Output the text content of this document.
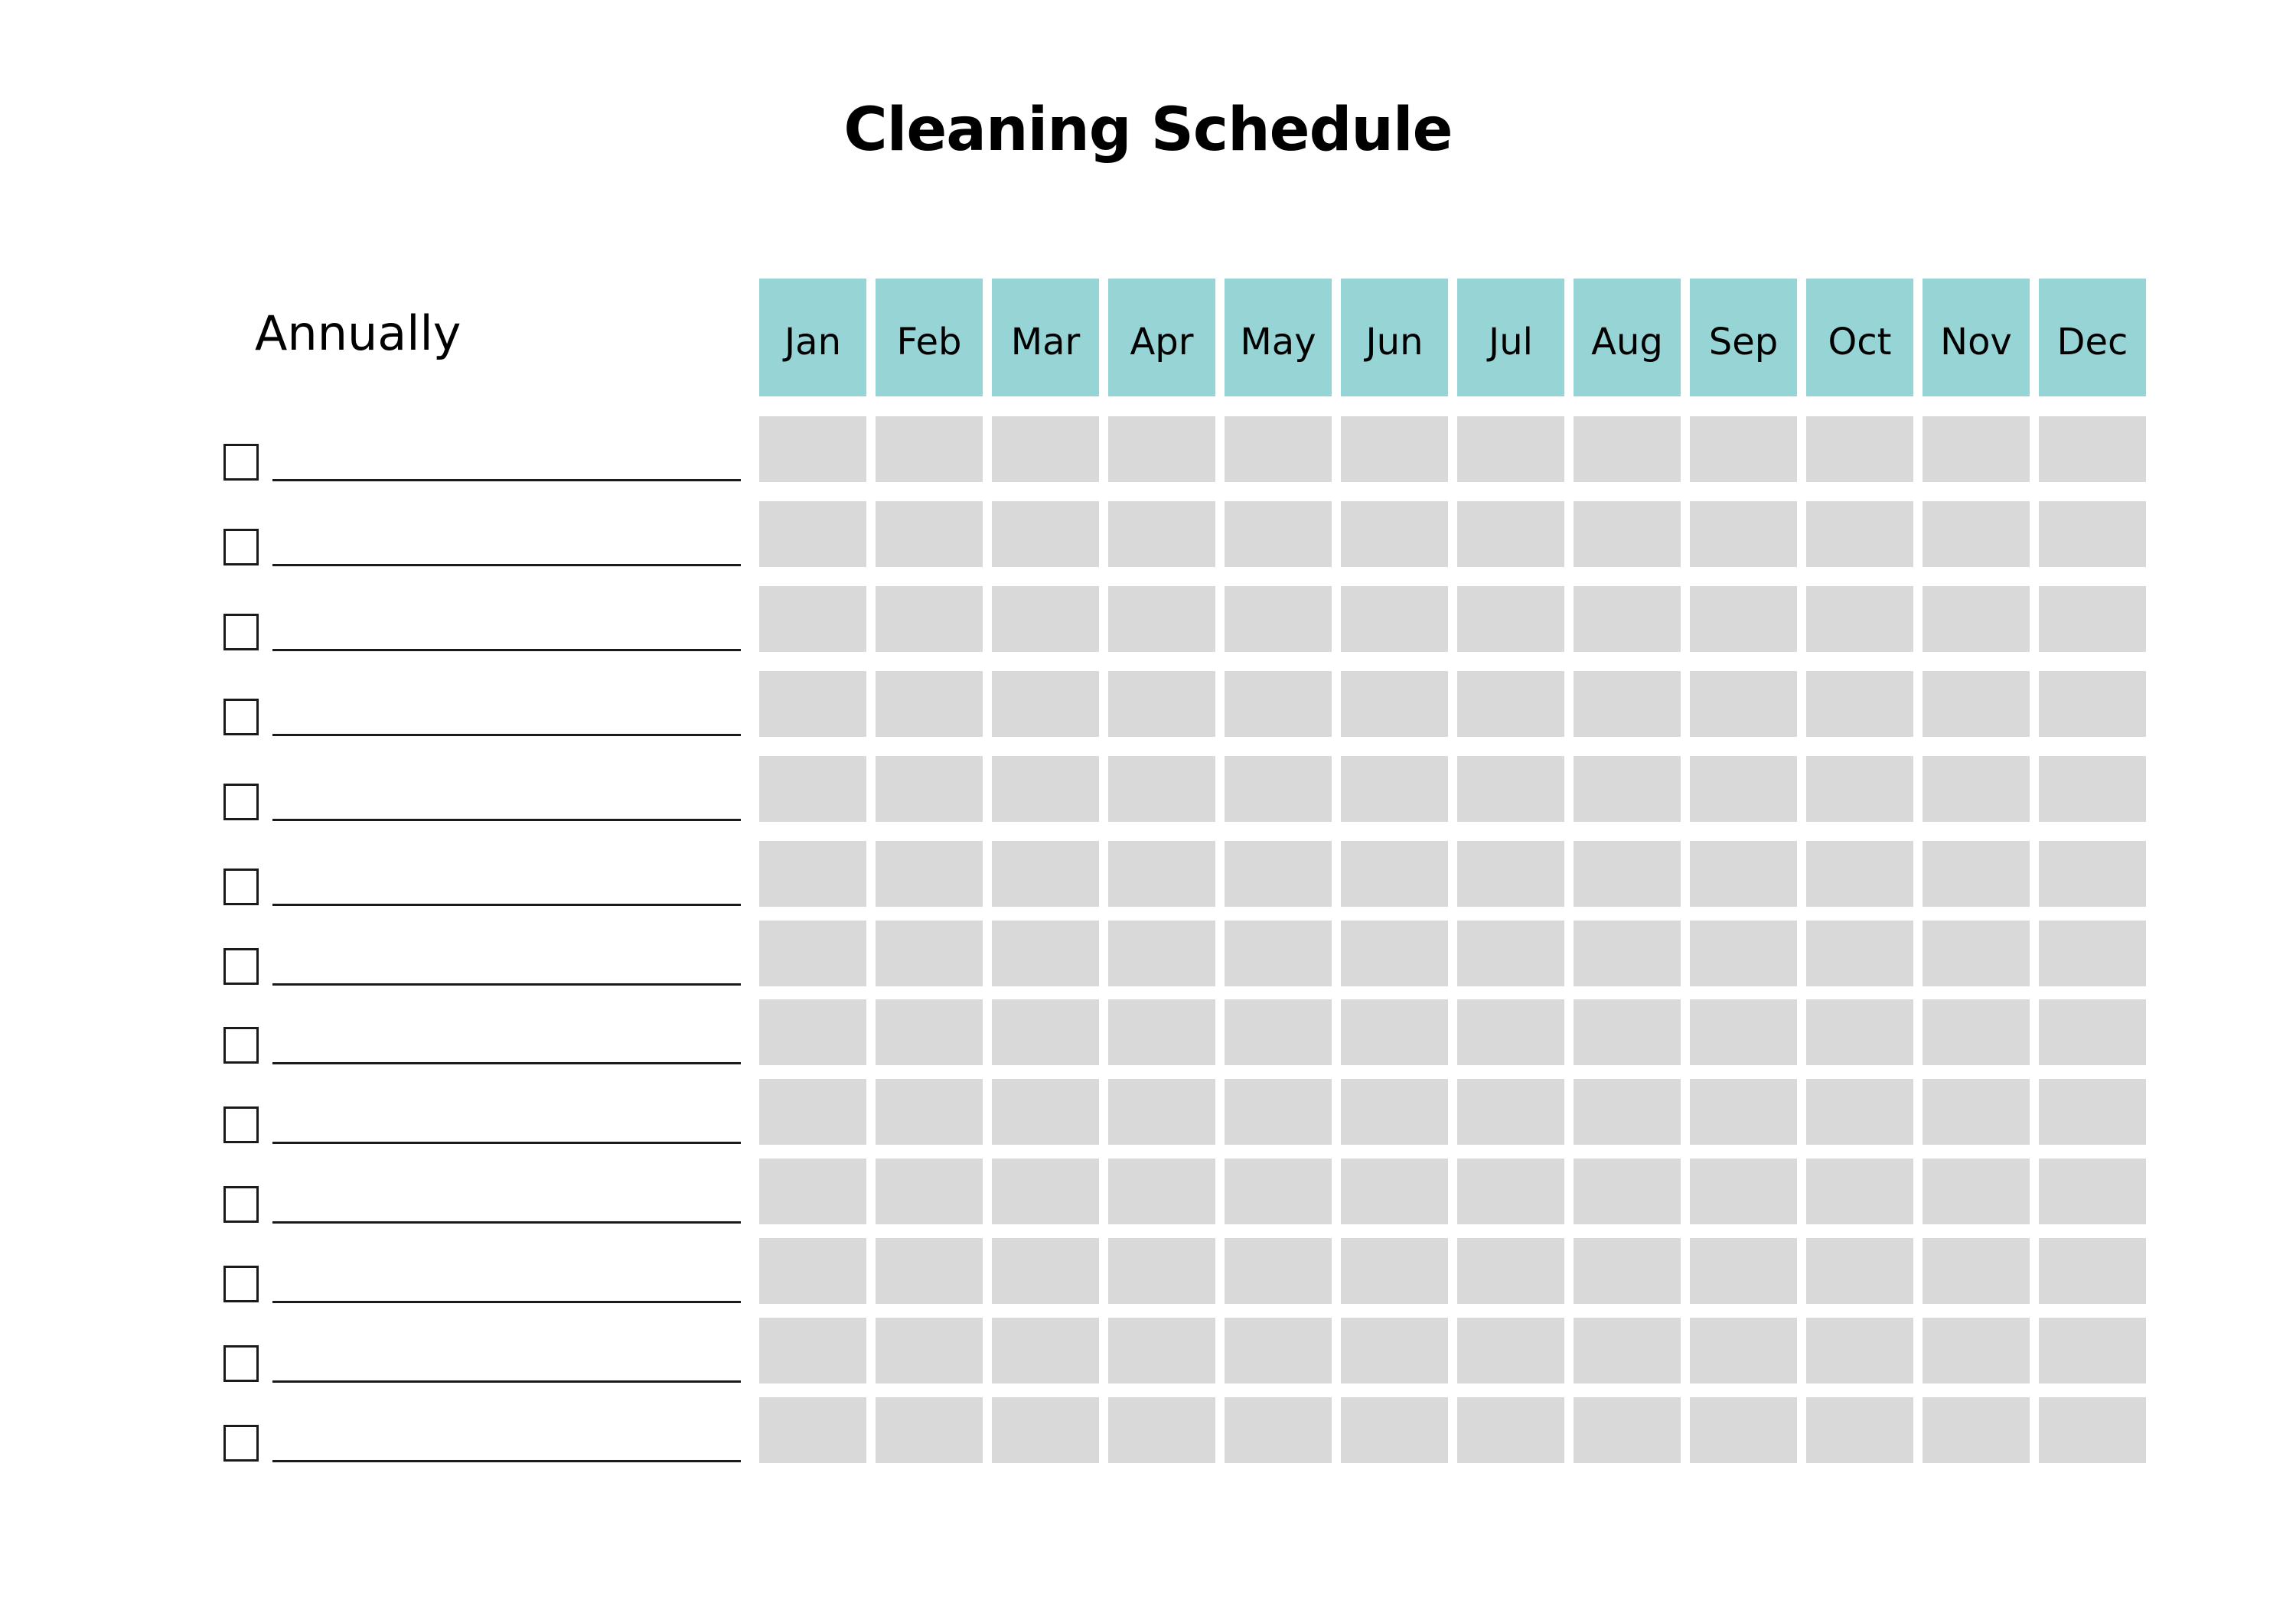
Cleaning Schedule
Annually	Jan	Feb	Mar	Apr	May	Jun	Jul	Aug	Sep	Oct	Nov	Dec
